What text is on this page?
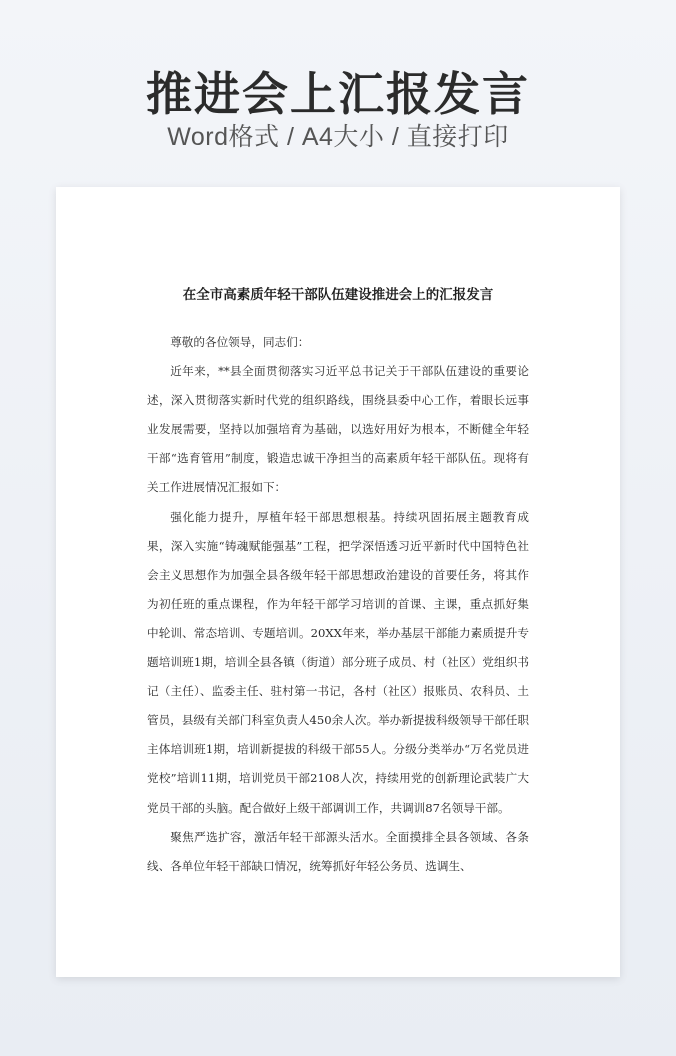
推进会上汇报发言
Word格式 / A4大小 / 直接打印
在全市高素质年轻干部队伍建设推进会上的汇报发言

尊敬的各位领导，同志们：

近年来，**县全面贯彻落实习近平总书记关于干部队伍建设的重要论述，深入贯彻落实新时代党的组织路线，围绕县委中心工作，着眼长远事业发展需要，坚持以加强培育为基础，以选好用好为根本，不断健全年轻干部“选育管用”制度，锻造忠诚干净担当的高素质年轻干部队伍。现将有关工作进展情况汇报如下：

强化能力提升，厚植年轻干部思想根基。持续巩固拓展主题教育成果，深入实施“铸魂赋能强基”工程，把学深悟透习近平新时代中国特色社会主义思想作为加强全县各级年轻干部思想政治建设的首要任务，将其作为初任班的重点课程，作为年轻干部学习培训的首课、主课，重点抓好集中轮训、常态培训、专题培训。20XX年来，举办基层干部能力素质提升专题培训班1期，培训全县各镇（街道）部分班子成员、村（社区）党组织书记（主任）、监委主任、驻村第一书记，各村（社区）报账员、农科员、土管员，县级有关部门科室负责人450余人次。举办新提拔科级领导干部任职主体培训班1期，培训新提拔的科级干部55人。分级分类举办“万名党员进党校”培训11期，培训党员干部2108人次，持续用党的创新理论武装广大党员干部的头脑。配合做好上级干部调训工作，共调训87名领导干部。

聚焦严选扩容，激活年轻干部源头活水。全面摸排全县各领域、各条线、各单位年轻干部缺口情况，统筹抓好年轻公务员、选调生、
